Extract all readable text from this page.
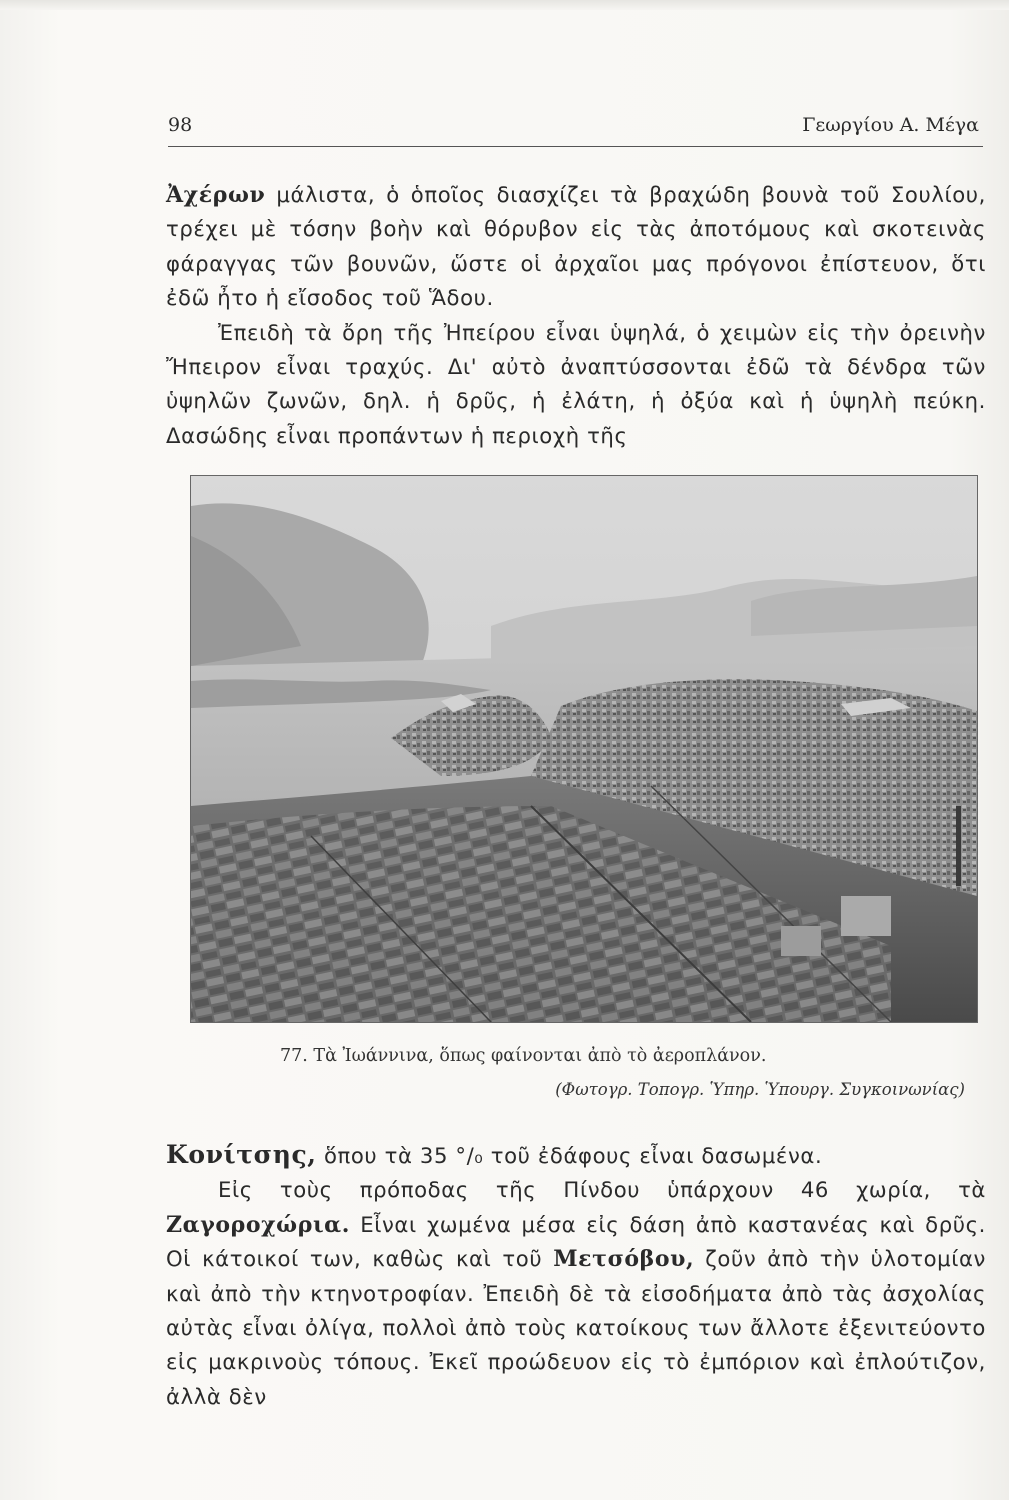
98	Γεωργίου Α. Μέγα

Ἀχέρων μάλιστα, ὁ ὁποῖος διασχίζει τὰ βραχώδη βουνὰ τοῦ Σουλίου, τρέχει μὲ τόσην βοὴν καὶ θόρυβον εἰς τὰς ἀποτόμους καὶ σκοτεινὰς φάραγγας τῶν βουνῶν, ὥστε οἱ ἀρχαῖοι μας πρόγονοι ἐπίστευον, ὅτι ἐδῶ ἦτο ἡ εἴσοδος τοῦ Ἅδου.

Ἐπειδὴ τὰ ὄρη τῆς Ἠπείρου εἶναι ὑψηλά, ὁ χειμὼν εἰς τὴν ὀρεινὴν Ἤπειρον εἶναι τραχύς. Δι' αὐτὸ ἀναπτύσσονται ἐδῶ τὰ δένδρα τῶν ὑψηλῶν ζωνῶν, δηλ. ἡ δρῦς, ἡ ἐλάτη, ἡ ὀξύα καὶ ἡ ὑψηλὴ πεύκη. Δασώδης εἶναι προπάντων ἡ περιοχὴ τῆς

77. Τὰ Ἰωάννινα, ὅπως φαίνονται ἀπὸ τὸ ἀεροπλάνον.
(Φωτογρ. Τοπογρ. Ὑπηρ. Ὑπουργ. Συγκοινωνίας)

Κονίτσης, ὅπου τὰ 35 °/₀ τοῦ ἐδάφους εἶναι δασωμένα.

Εἰς τοὺς πρόποδας τῆς Πίνδου ὑπάρχουν 46 χωρία, τὰ Ζαγοροχώρια. Εἶναι χωμένα μέσα εἰς δάση ἀπὸ καστανέας καὶ δρῦς. Οἱ κάτοικοί των, καθὼς καὶ τοῦ Μετσόβου, ζοῦν ἀπὸ τὴν ὑλοτομίαν καὶ ἀπὸ τὴν κτηνοτροφίαν. Ἐπειδὴ δὲ τὰ εἰσοδήματα ἀπὸ τὰς ἀσχολίας αὐτὰς εἶναι ὀλίγα, πολλοὶ ἀπὸ τοὺς κατοίκους των ἄλλοτε ἐξενιτεύοντο εἰς μακρινοὺς τόπους. Ἐκεῖ προώδευον εἰς τὸ ἐμπόριον καὶ ἐπλούτιζον, ἀλλὰ δὲν
